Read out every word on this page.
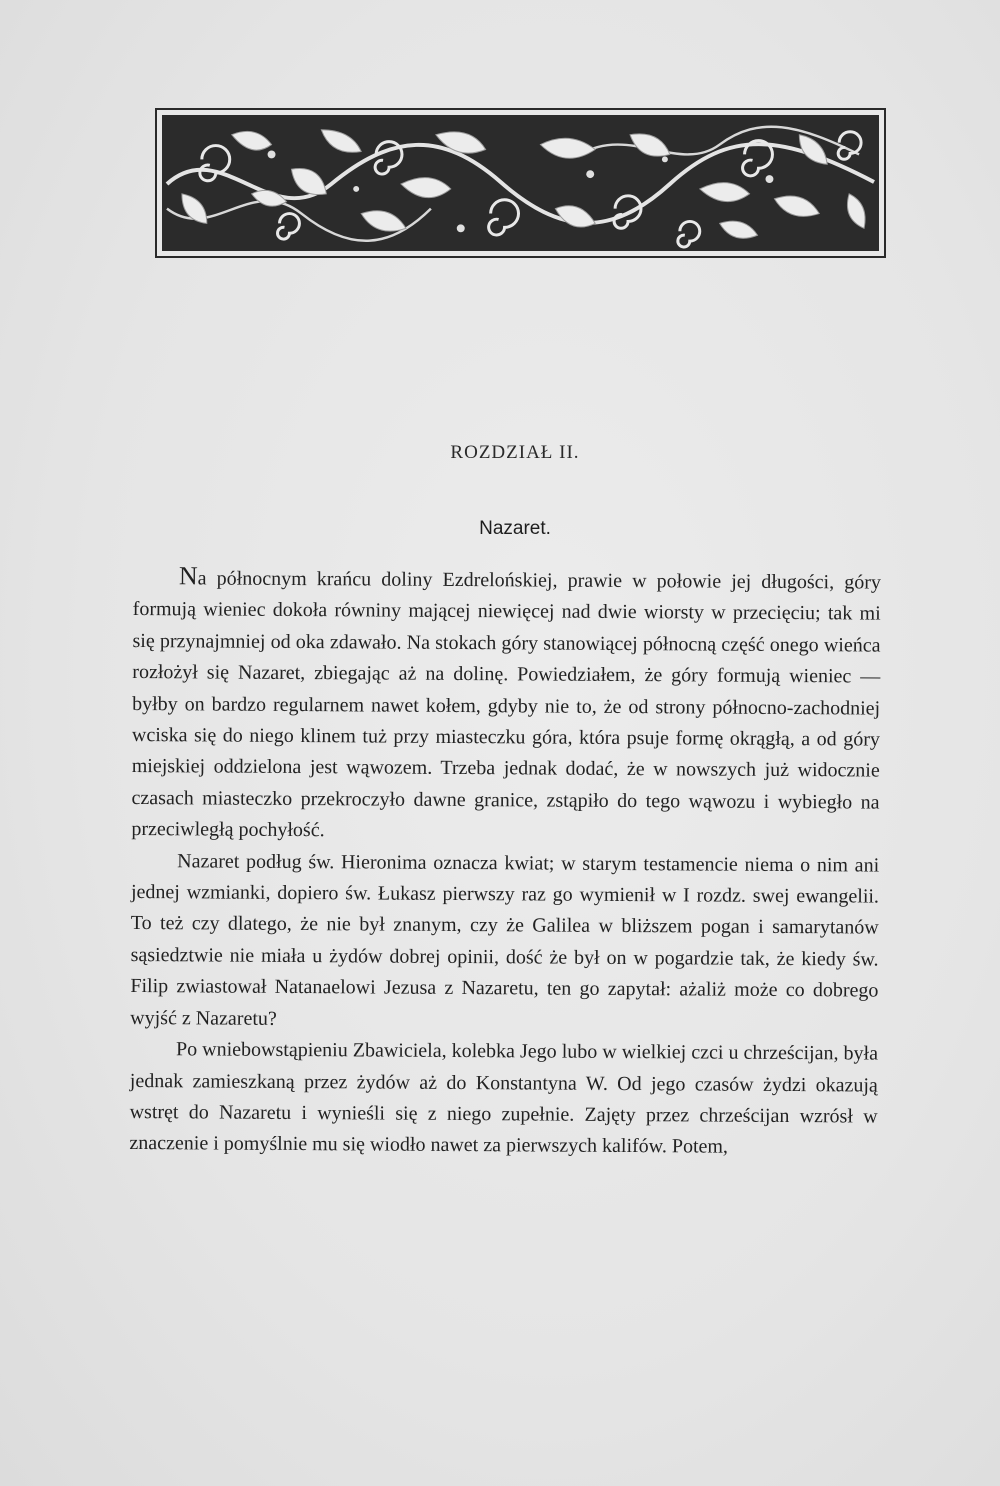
ROZDZIAŁ II.
Nazaret.

Na północnym krańcu doliny Ezdrelońskiej, prawie w połowie jej długości, góry formują wieniec dokoła równiny mającej niewięcej nad dwie wiorsty w przecięciu; tak mi się przynajmniej od oka zdawało. Na stokach góry stanowiącej północną część onego wieńca rozłożył się Nazaret, zbiegając aż na dolinę. Powiedziałem, że góry formują wieniec — byłby on bardzo regularnem nawet kołem, gdyby nie to, że od strony północno-zachodniej wciska się do niego klinem tuż przy miasteczku góra, która psuje formę okrągłą, a od góry miejskiej oddzielona jest wąwozem. Trzeba jednak dodać, że w nowszych już widocznie czasach miasteczko przekroczyło dawne granice, zstąpiło do tego wąwozu i wybiegło na przeciwległą pochyłość.

Nazaret podług św. Hieronima oznacza kwiat; w starym testamencie niema o nim ani jednej wzmianki, dopiero św. Łukasz pierwszy raz go wymienił w I rozdz. swej ewangelii. To też czy dlatego, że nie był znanym, czy że Galilea w bliższem pogan i samarytanów sąsiedztwie nie miała u żydów dobrej opinii, dość że był on w pogardzie tak, że kiedy św. Filip zwiastował Natanaelowi Jezusa z Nazaretu, ten go zapytał: ażaliż może co dobrego wyjść z Nazaretu?

Po wniebowstąpieniu Zbawiciela, kolebka Jego lubo w wielkiej czci u chrześcijan, była jednak zamieszkaną przez żydów aż do Konstantyna W. Od jego czasów żydzi okazują wstręt do Nazaretu i wynieśli się z niego zupełnie. Zajęty przez chrześcijan wzrósł w znaczenie i pomyślnie mu się wiodło nawet za pierwszych kalifów. Potem,
